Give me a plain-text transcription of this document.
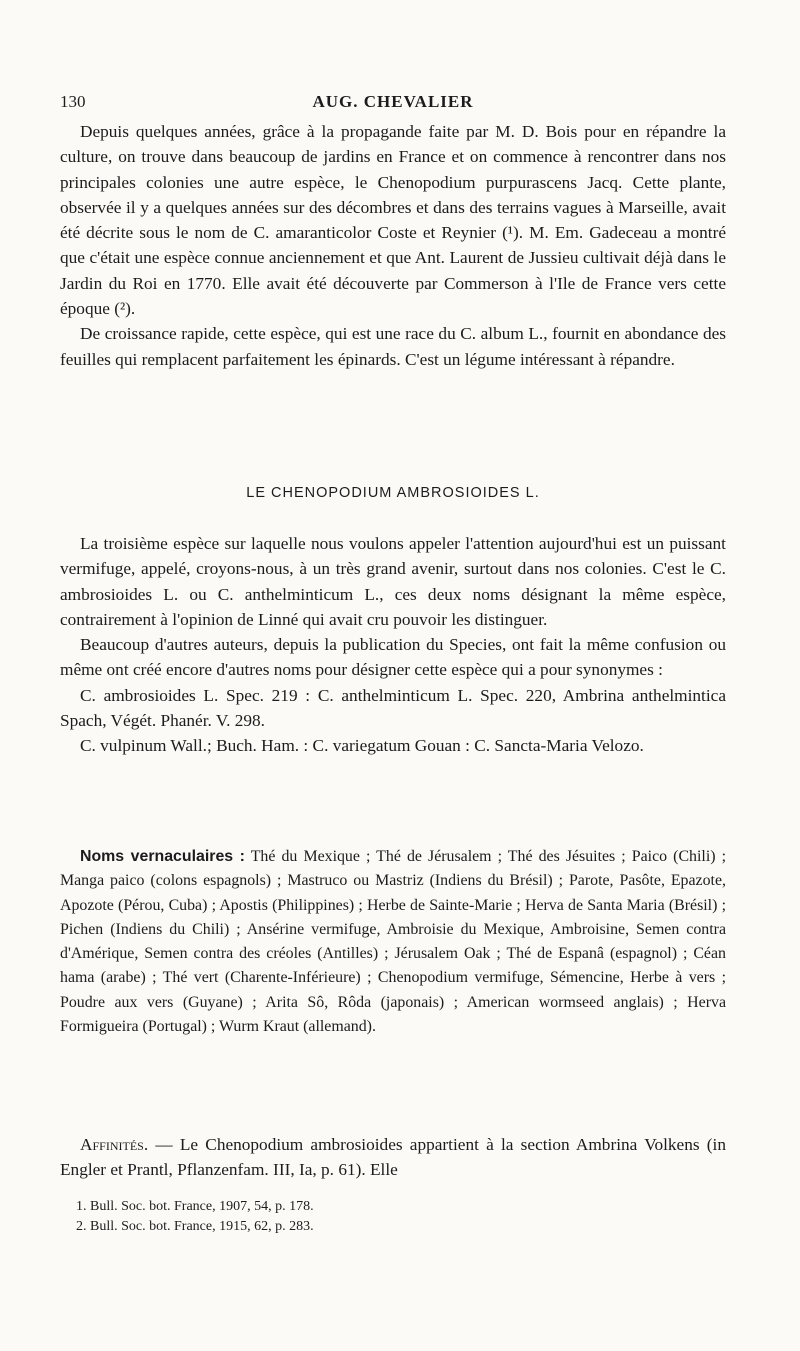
130	AUG. CHEVALIER

Depuis quelques années, grâce à la propagande faite par M. D. Bois pour en répandre la culture, on trouve dans beaucoup de jardins en France et on commence à rencontrer dans nos principales colonies une autre espèce, le Chenopodium purpurascens Jacq. Cette plante, observée il y a quelques années sur des décombres et dans des terrains vagues à Marseille, avait été décrite sous le nom de C. amaranticolor Coste et Reynier (¹). M. Em. Gadeceau a montré que c'était une espèce connue anciennement et que Ant. Laurent de Jussieu cultivait déjà dans le Jardin du Roi en 1770. Elle avait été découverte par Commerson à l'Ile de France vers cette époque (²).

De croissance rapide, cette espèce, qui est une race du C. album L., fournit en abondance des feuilles qui remplacent parfaitement les épinards. C'est un légume intéressant à répandre.

LE CHENOPODIUM AMBROSIOIDES L.

La troisième espèce sur laquelle nous voulons appeler l'attention aujourd'hui est un puissant vermifuge, appelé, croyons-nous, à un très grand avenir, surtout dans nos colonies. C'est le C. ambrosioides L. ou C. anthelminticum L., ces deux noms désignant la même espèce, contrairement à l'opinion de Linné qui avait cru pouvoir les distinguer.

Beaucoup d'autres auteurs, depuis la publication du Species, ont fait la même confusion ou même ont créé encore d'autres noms pour désigner cette espèce qui a pour synonymes :

C. ambrosioides L. Spec. 219 : C. anthelminticum L. Spec. 220, Ambrina anthelmintica Spach, Végét. Phanér. V. 298.

C. vulpinum Wall.; Buch. Ham. : C. variegatum Gouan : C. Sancta-Maria Velozo.

Noms vernaculaires : Thé du Mexique ; Thé de Jérusalem ; Thé des Jésuites ; Paico (Chili) ; Manga paico (colons espagnols) ; Mastruco ou Mastriz (Indiens du Brésil) ; Parote, Pasôte, Epazote, Apozote (Pérou, Cuba) ; Apostis (Philippines) ; Herbe de Sainte-Marie ; Herva de Santa Maria (Brésil) ; Pichen (Indiens du Chili) ; Ansérine vermifuge, Ambroisie du Mexique, Ambroisine, Semen contra d'Amérique, Semen contra des créoles (Antilles) ; Jérusalem Oak ; Thé de Espanâ (espagnol) ; Céan hama (arabe) ; Thé vert (Charente-Inférieure) ; Chenopodium vermifuge, Sémencine, Herbe à vers ; Poudre aux vers (Guyane) ; Arita Sô, Rôda (japonais) ; American wormseed anglais) ; Herva Formigueira (Portugal) ; Wurm Kraut (allemand).

Affinités. — Le Chenopodium ambrosioides appartient à la section Ambrina Volkens (in Engler et Prantl, Pflanzenfam. III, Ia, p. 61). Elle

1. Bull. Soc. bot. France, 1907, 54, p. 178.

2. Bull. Soc. bot. France, 1915, 62, p. 283.
